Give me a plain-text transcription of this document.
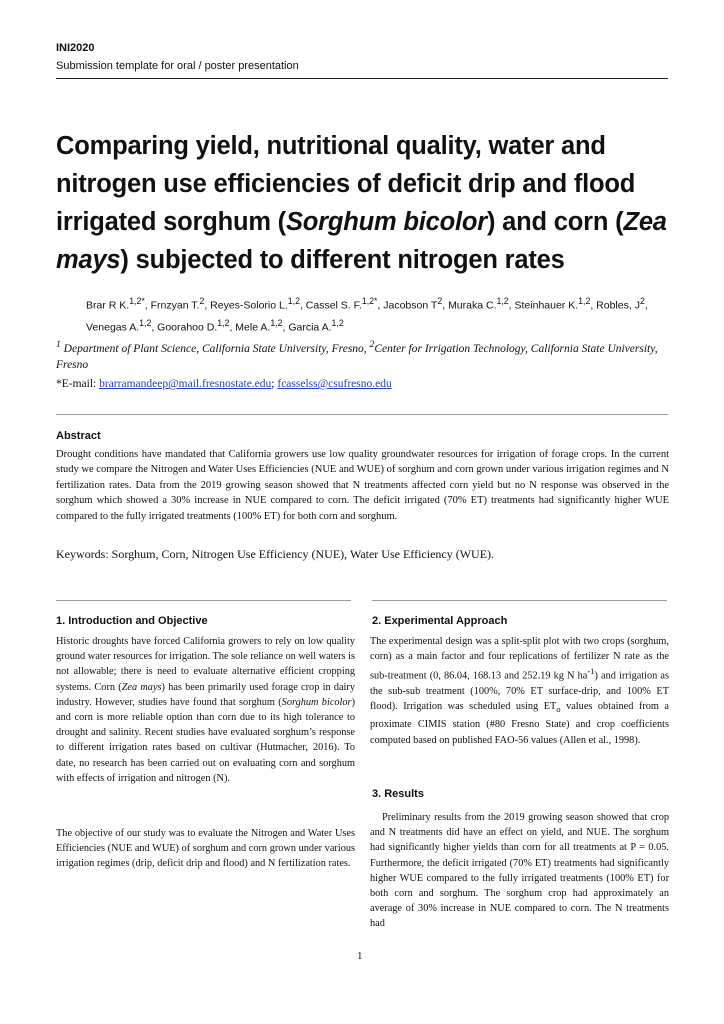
INI2020
Submission template for oral / poster presentation
Comparing yield, nutritional quality, water and nitrogen use efficiencies of deficit drip and flood irrigated sorghum (Sorghum bicolor) and corn (Zea mays) subjected to different nitrogen rates
Brar R K.$^{1,2*}$, Frnzyan T.$^2$, Reyes-Solorio L.$^{1,2}$, Cassel S. F.$^{1,2*}$, Jacobson $T^2$, Muraka C.$^{1,2}$, Steinhauer K.$^{1,2}$, Robles, $J^2$, Venegas A.$^{1,2}$, Goorahoo D.$^{1,2}$, Mele A.$^{1,2}$, Garcia A.$^{1,2}$
$^1$ Department of Plant Science, California State University, Fresno, $^2$Center for Irrigation Technology, California State University, Fresno
*E-mail: brarramandeep@mail.fresnostate.edu; fcasselss@csufresno.edu
Abstract
Drought conditions have mandated that California growers use low quality groundwater resources for irrigation of forage crops. In the current study we compare the Nitrogen and Water Uses Efficiencies (NUE and WUE) of sorghum and corn grown under various irrigation regimes and N fertilization rates. Data from the 2019 growing season showed that N treatments affected corn yield but no N response was observed in the sorghum which showed a 30% increase in NUE compared to corn. The deficit irrigated (70% ET) treatments had significantly higher WUE compared to the fully irrigated treatments (100% ET) for both corn and sorghum.
Keywords: Sorghum, Corn, Nitrogen Use Efficiency (NUE), Water Use Efficiency (WUE).
1. Introduction and Objective
Historic droughts have forced California growers to rely on low quality ground water resources for irrigation. The sole reliance on well waters is not allowable; there is need to evaluate alternative efficient cropping systems. Corn (Zea mays) has been primarily used forage crop in dairy industry. However, studies have found that sorghum (Sorghum bicolor) and corn is more reliable option than corn due to its high tolerance to drought and salinity. Recent studies have evaluated sorghum’s response to different irrigation rates based on cultivar (Hutmacher, 2016). To date, no research has been carried out on evaluating corn and sorghum with effects of irrigation and nitrogen (N).
The objective of our study was to evaluate the Nitrogen and Water Uses Efficiencies (NUE and WUE) of sorghum and corn grown under various irrigation regimes (drip, deficit drip and flood) and N fertilization rates.
2. Experimental Approach
The experimental design was a split-split plot with two crops (sorghum, corn) as a main factor and four replications of fertilizer N rate as the sub-treatment (0, 86.04, 168.13 and 252.19 kg N $ha^{-1}$) and irrigation as the sub-sub treatment (100%, 70% ET surface-drip, and 100% ET flood). Irrigation was scheduled using $ET_o$ values obtained from a proximate CIMIS station (#80 Fresno State) and crop coefficients computed based on published FAO-56 values (Allen et al., 1998).
3. Results
Preliminary results from the 2019 growing season showed that crop and N treatments did have an effect on yield, and NUE. The sorghum had significantly higher yields than corn for all treatments at P = 0.05. Furthermore, the deficit irrigated (70% ET) treatments had significantly higher WUE compared to the fully irrigated treatments (100% ET) for both corn and sorghum. The sorghum crop had approximately an average of 30% increase in NUE compared to corn. The N treatments had
1
